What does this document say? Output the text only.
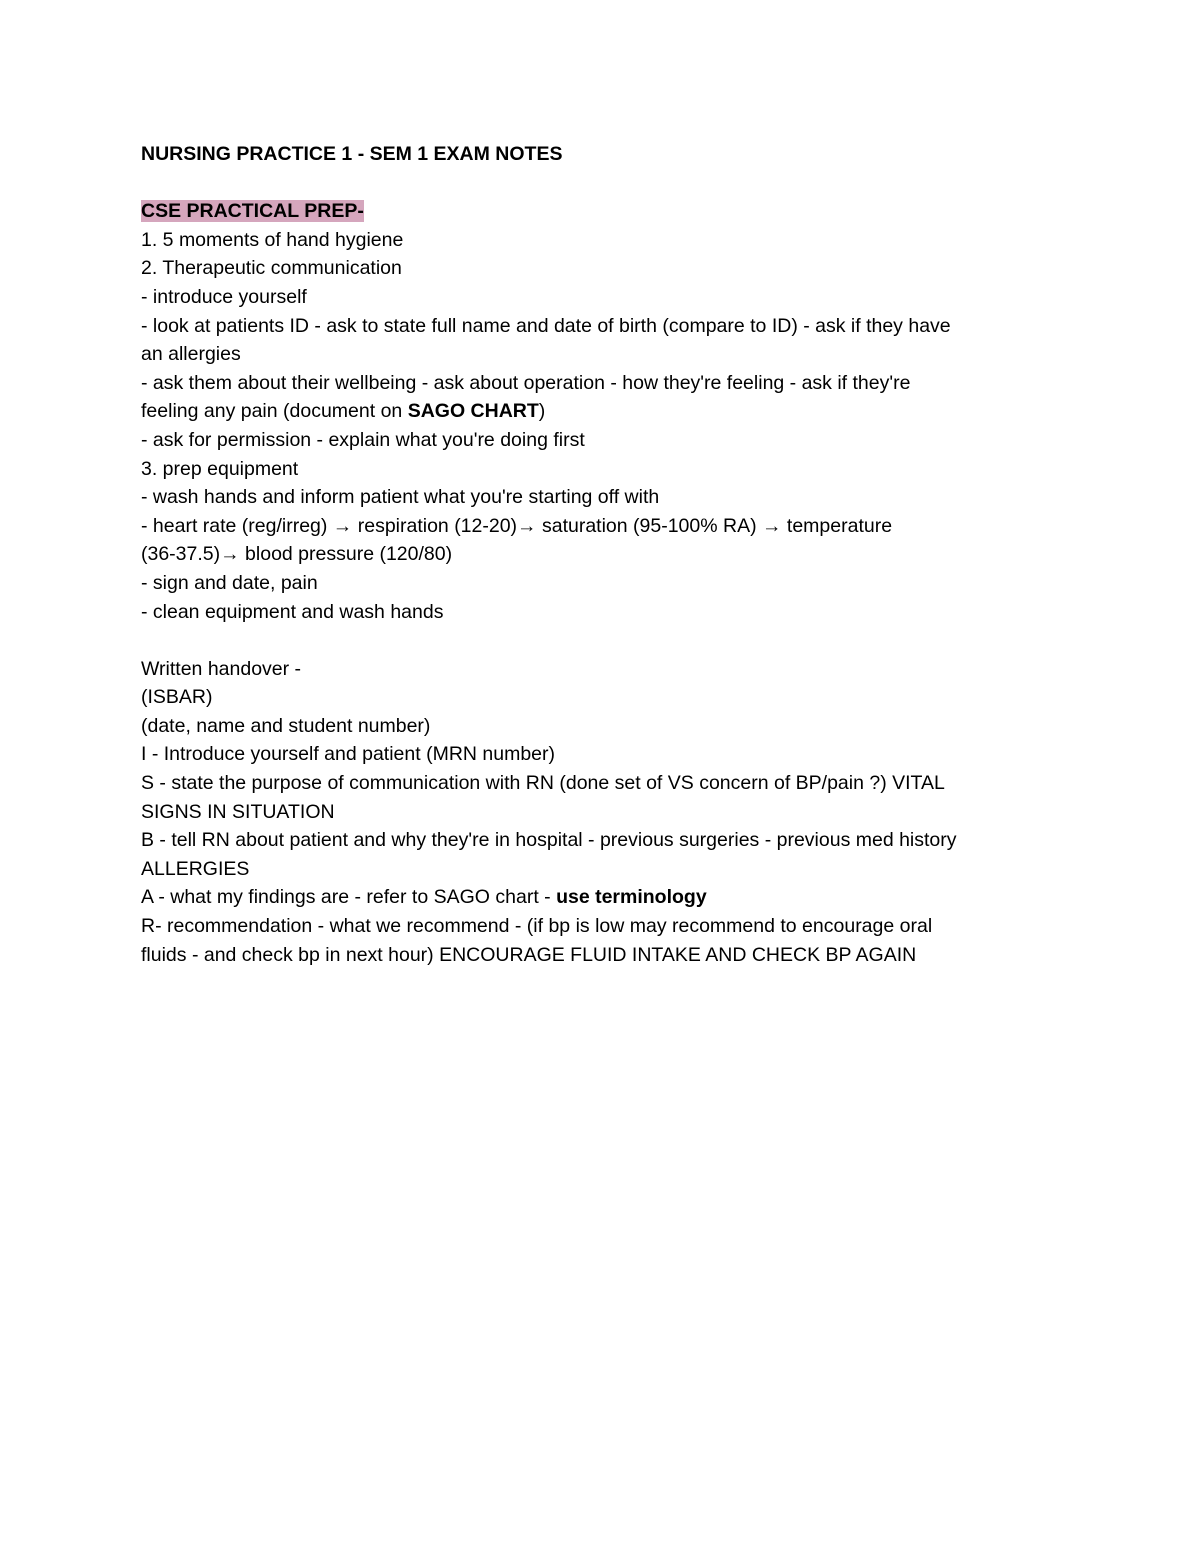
NURSING PRACTICE 1 - SEM 1 EXAM NOTES

CSE PRACTICAL PREP-

1. 5 moments of hand hygiene

2. Therapeutic communication

- introduce yourself

- look at patients ID - ask to state full name and date of birth (compare to ID) - ask if they have

an allergies

- ask them about their wellbeing - ask about operation - how they're feeling - ask if they're

feeling any pain (document on SAGO CHART)

- ask for permission - explain what you're doing first

3. prep equipment

- wash hands and inform patient what you're starting off with

- heart rate (reg/irreg) → respiration (12-20)→ saturation (95-100% RA) → temperature

(36-37.5)→ blood pressure (120/80)

- sign and date, pain

- clean equipment and wash hands

Written handover -

(ISBAR)

(date, name and student number)

I - Introduce yourself and patient (MRN number)

S - state the purpose of communication with RN (done set of VS concern of BP/pain ?) VITAL

SIGNS IN SITUATION

B - tell RN about patient and why they're in hospital - previous surgeries - previous med history

ALLERGIES

A - what my findings are - refer to SAGO chart - use terminology

R- recommendation - what we recommend - (if bp is low may recommend to encourage oral

fluids - and check bp in next hour) ENCOURAGE FLUID INTAKE AND CHECK BP AGAIN
